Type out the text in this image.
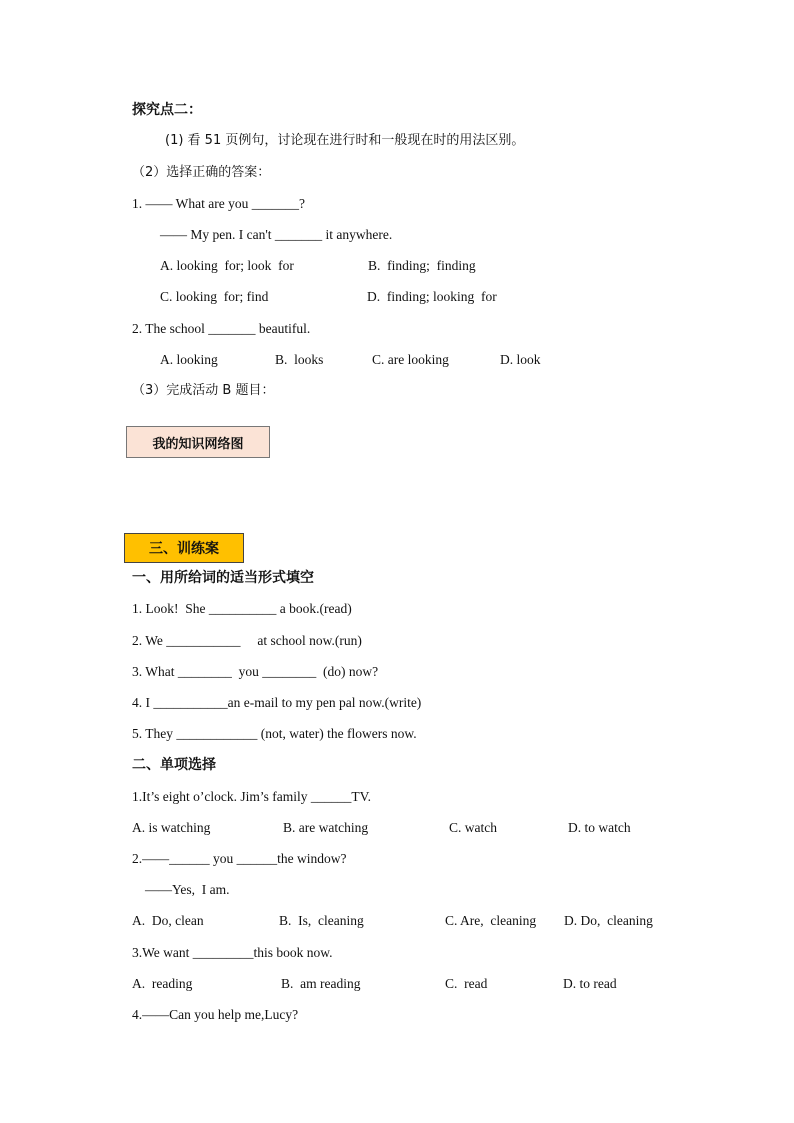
探究点二：
(1) 看 51 页例句，讨论现在进行时和一般现在时的用法区别。
（2）选择正确的答案：
1. —— What are you _______?
—— My pen. I can't _______ it anywhere.
A. looking  for; look  for	B.  finding;  finding
C. looking  for; find	D.  finding; looking  for
2. The school _______ beautiful.
A. looking	B.  looks	C. are looking	D. look
（3）完成活动 B 题目：
我的知识网络图
三、训练案
一、用所给词的适当形式填空
1. Look!  She __________ a book.(read)
2. We ___________     at school now.(run)
3. What ________  you ________  (do) now?
4. I ___________an e-mail to my pen pal now.(write)
5. They ____________ (not, water) the flowers now.
二、单项选择
1.It’s eight o’clock. Jim’s family ______TV.
A. is watching	B. are watching	C. watch	D. to watch
2.——______ you ______the window?
——Yes,  I am.
A.  Do, clean	B.  Is,  cleaning	C. Are,  cleaning D. Do,  cleaning
3.We want _________this book now.
A.  reading	B.  am reading	C.  read	D. to read
4.——Can you help me,Lucy?
